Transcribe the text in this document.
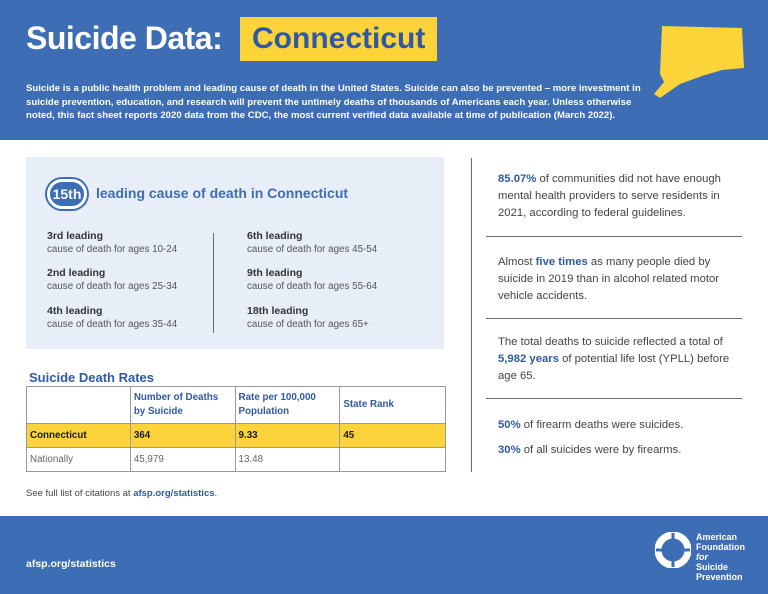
Suicide Data: Connecticut
Suicide is a public health problem and leading cause of death in the United States. Suicide can also be prevented – more investment in suicide prevention, education, and research will prevent the untimely deaths of thousands of Americans each year. Unless otherwise noted, this fact sheet reports 2020 data from the CDC, the most current verified data available at time of publication (March 2022).
15th	leading cause of death in Connecticut
3rd leading
cause of death for ages 10-24
2nd leading
cause of death for ages 25-34
4th leading
cause of death for ages 35-44
6th leading
cause of death for ages 45-54
9th leading
cause of death for ages 55-64
18th leading
cause of death for ages 65+
Suicide Death Rates
	Number of Deaths by Suicide	Rate per 100,000 Population	State Rank
Connecticut	364	9.33	45
Nationally	45,979	13.48	
See full list of citations at afsp.org/statistics.
85.07% of communities did not have enough mental health providers to serve residents in 2021, according to federal guidelines.
Almost five times as many people died by suicide in 2019 than in alcohol related motor vehicle accidents.
The total deaths to suicide reflected a total of 5,982 years of potential life lost (YPLL) before age 65.
50% of firearm deaths were suicides.
30% of all suicides were by firearms.
afsp.org/statistics
American
Foundation
for
Suicide
Prevention
